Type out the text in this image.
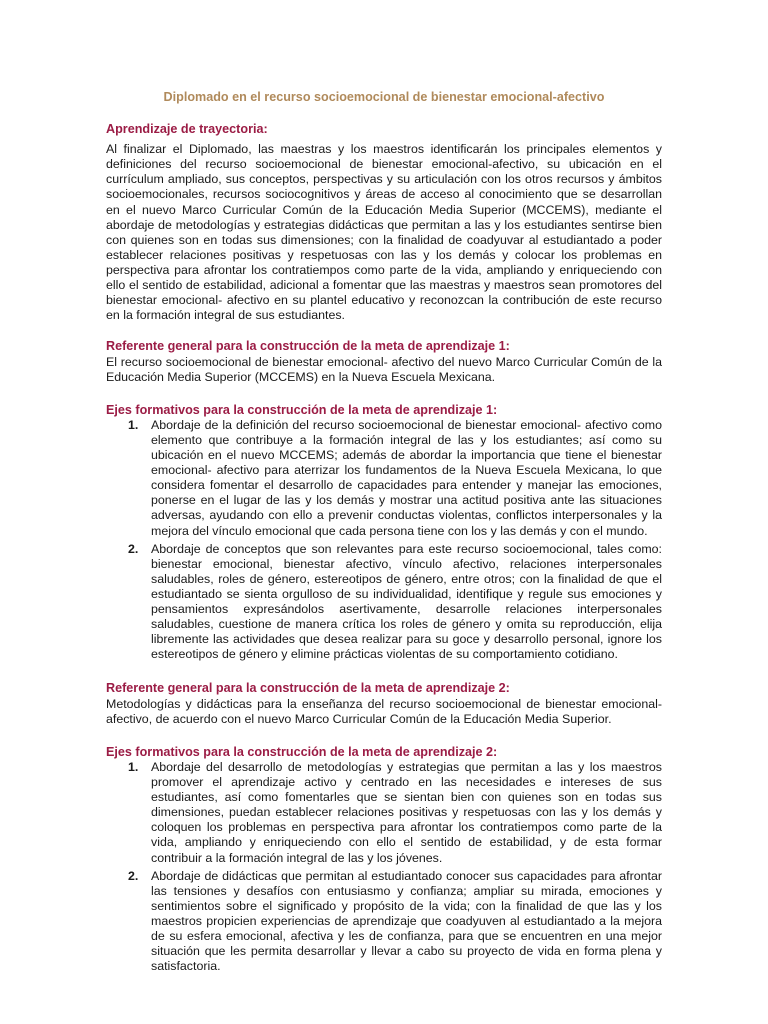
Diplomado en el recurso socioemocional de bienestar emocional-afectivo
Aprendizaje de trayectoria:

Al finalizar el Diplomado, las maestras y los maestros identificarán los principales elementos y definiciones del recurso socioemocional de bienestar emocional-afectivo, su ubicación en el currículum ampliado, sus conceptos, perspectivas y su articulación con los otros recursos y ámbitos socioemocionales, recursos sociocognitivos y áreas de acceso al conocimiento que se desarrollan en el nuevo Marco Curricular Común de la Educación Media Superior (MCCEMS), mediante el abordaje de metodologías y estrategias didácticas que permitan a las y los estudiantes sentirse bien con quienes son en todas sus dimensiones; con la finalidad de coadyuvar al estudiantado a poder establecer relaciones positivas y respetuosas con las y los demás y colocar los problemas en perspectiva para afrontar los contratiempos como parte de la vida, ampliando y enriqueciendo con ello el sentido de estabilidad, adicional a fomentar que las maestras y maestros sean promotores del bienestar emocional- afectivo en su plantel educativo y reconozcan la contribución de este recurso en la formación integral de sus estudiantes.

Referente general para la construcción de la meta de aprendizaje 1:

El recurso socioemocional de bienestar emocional- afectivo del nuevo Marco Curricular Común de la Educación Media Superior (MCCEMS) en la Nueva Escuela Mexicana.

Ejes formativos para la construcción de la meta de aprendizaje 1:
1. Abordaje de la definición del recurso socioemocional de bienestar emocional- afectivo como elemento que contribuye a la formación integral de las y los estudiantes; así como su ubicación en el nuevo MCCEMS; además de abordar la importancia que tiene el bienestar emocional- afectivo para aterrizar los fundamentos de la Nueva Escuela Mexicana, lo que considera fomentar el desarrollo de capacidades para entender y manejar las emociones, ponerse en el lugar de las y los demás y mostrar una actitud positiva ante las situaciones adversas, ayudando con ello a prevenir conductas violentas, conflictos interpersonales y la mejora del vínculo emocional que cada persona tiene con los y las demás y con el mundo.
2. Abordaje de conceptos que son relevantes para este recurso socioemocional, tales como: bienestar emocional, bienestar afectivo, vínculo afectivo, relaciones interpersonales saludables, roles de género, estereotipos de género, entre otros; con la finalidad de que el estudiantado se sienta orgulloso de su individualidad, identifique y regule sus emociones y pensamientos expresándolos asertivamente, desarrolle relaciones interpersonales saludables, cuestione de manera crítica los roles de género y omita su reproducción, elija libremente las actividades que desea realizar para su goce y desarrollo personal, ignore los estereotipos de género y elimine prácticas violentas de su comportamiento cotidiano.
Referente general para la construcción de la meta de aprendizaje 2:

Metodologías y didácticas para la enseñanza del recurso socioemocional de bienestar emocional- afectivo, de acuerdo con el nuevo Marco Curricular Común de la Educación Media Superior.

Ejes formativos para la construcción de la meta de aprendizaje 2:
1. Abordaje del desarrollo de metodologías y estrategias que permitan a las y los maestros promover el aprendizaje activo y centrado en las necesidades e intereses de sus estudiantes, así como fomentarles que se sientan bien con quienes son en todas sus dimensiones, puedan establecer relaciones positivas y respetuosas con las y los demás y coloquen los problemas en perspectiva para afrontar los contratiempos como parte de la vida, ampliando y enriqueciendo con ello el sentido de estabilidad, y de esta formar contribuir a la formación integral de las y los jóvenes.
2. Abordaje de didácticas que permitan al estudiantado conocer sus capacidades para afrontar las tensiones y desafíos con entusiasmo y confianza; ampliar su mirada, emociones y sentimientos sobre el significado y propósito de la vida; con la finalidad de que las y los maestros propicien experiencias de aprendizaje que coadyuven al estudiantado a la mejora de su esfera emocional, afectiva y les de confianza, para que se encuentren en una mejor situación que les permita desarrollar y llevar a cabo su proyecto de vida en forma plena y satisfactoria.
